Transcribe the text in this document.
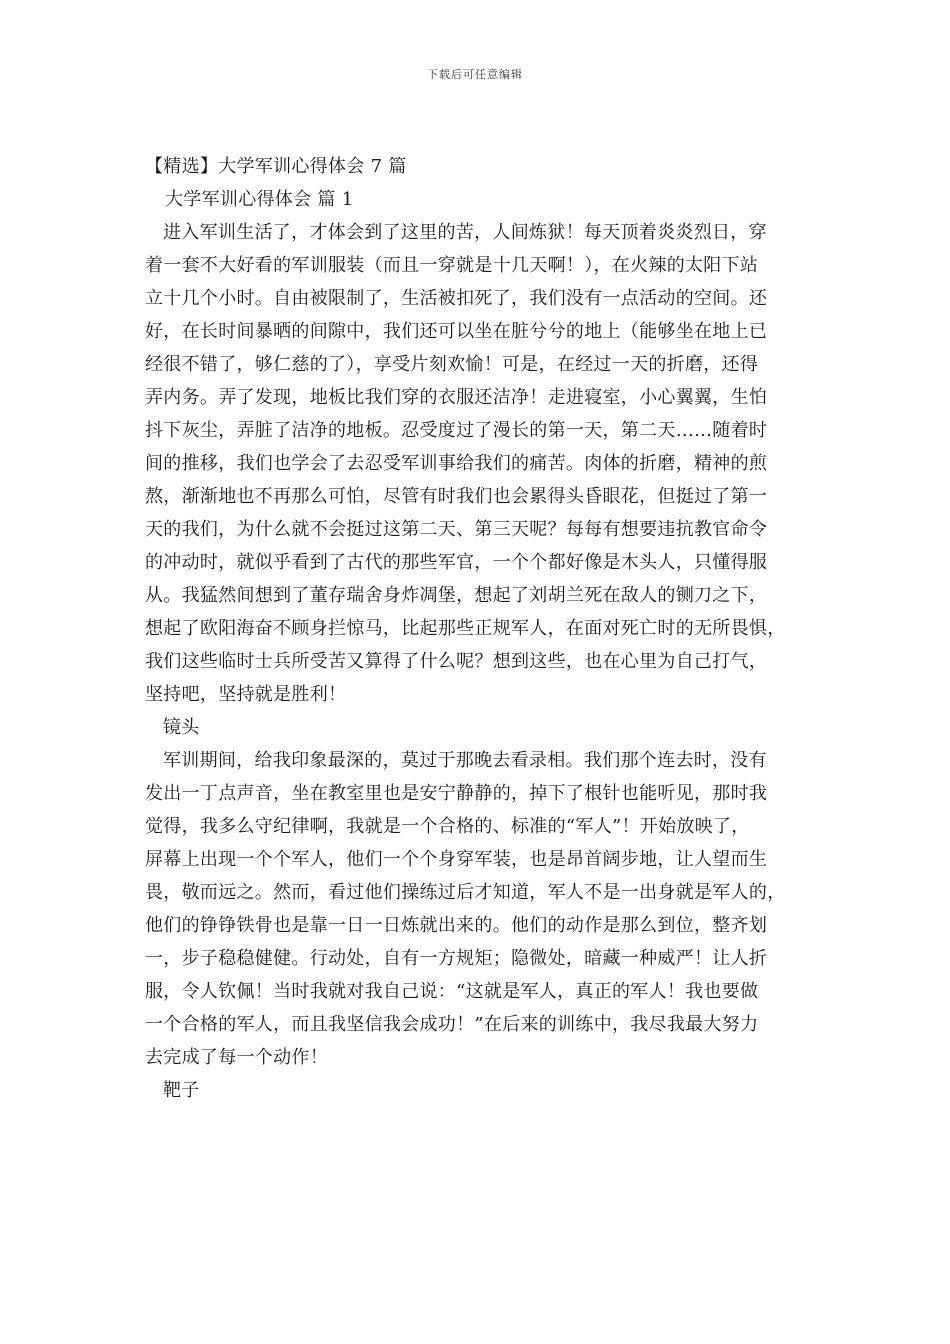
下载后可任意编辑
【精选】大学军训心得体会 7 篇
大学军训心得体会 篇 1
进入军训生活了，才体会到了这里的苦，人间炼狱！每天顶着炎炎烈日，穿
着一套不大好看的军训服装（而且一穿就是十几天啊！），在火辣的太阳下站
立十几个小时。自由被限制了，生活被扣死了，我们没有一点活动的空间。还
好，在长时间暴晒的间隙中，我们还可以坐在脏兮兮的地上（能够坐在地上已
经很不错了，够仁慈的了），享受片刻欢愉！可是，在经过一天的折磨，还得
弄内务。弄了发现，地板比我们穿的衣服还洁净！走进寝室，小心翼翼，生怕
抖下灰尘，弄脏了洁净的地板。忍受度过了漫长的第一天，第二天……随着时
间的推移，我们也学会了去忍受军训事给我们的痛苦。肉体的折磨，精神的煎
熬，渐渐地也不再那么可怕，尽管有时我们也会累得头昏眼花，但挺过了第一
天的我们，为什么就不会挺过这第二天、第三天呢？每每有想要违抗教官命令
的冲动时，就似乎看到了古代的那些军官，一个个都好像是木头人，只懂得服
从。我猛然间想到了董存瑞舍身炸凋堡，想起了刘胡兰死在敌人的铡刀之下，
想起了欧阳海奋不顾身拦惊马，比起那些正规军人，在面对死亡时的无所畏惧，
我们这些临时士兵所受苦又算得了什么呢？想到这些，也在心里为自己打气，
坚持吧，坚持就是胜利！
镜头
军训期间，给我印象最深的，莫过于那晚去看录相。我们那个连去时，没有
发出一丁点声音，坐在教室里也是安宁静静的，掉下了根针也能听见，那时我
觉得，我多么守纪律啊，我就是一个合格的、标准的“军人”！开始放映了，
屏幕上出现一个个军人，他们一个个身穿军装，也是昂首阔步地，让人望而生
畏，敬而远之。然而，看过他们操练过后才知道，军人不是一出身就是军人的，
他们的铮铮铁骨也是靠一日一日炼就出来的。他们的动作是那么到位，整齐划
一，步子稳稳健健。行动处，自有一方规矩；隐微处，暗藏一种威严！让人折
服，令人钦佩！当时我就对我自己说：“这就是军人，真正的军人！我也要做
一个合格的军人，而且我坚信我会成功！”在后来的训练中，我尽我最大努力
去完成了每一个动作！
靶子
